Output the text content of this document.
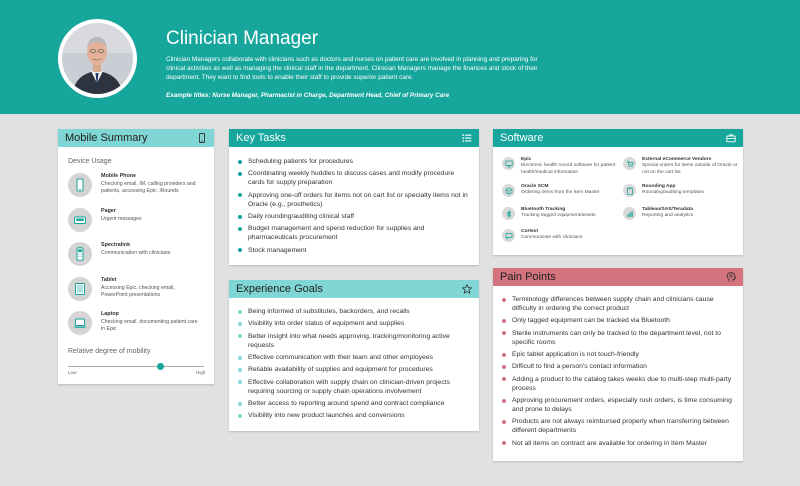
Clinician Manager
Clinician Managers collaborate with clinicians such as doctors and nurses on patient care are involved in planning and preparing for clinical activities as well as managing the clinical staff in the department. Clinician Managers manage the finances and stock of their department. They want to find tools to enable their staff to provide superior patient care.
Example titles: Nurse Manager, Pharmacist in Charge, Department Head, Chief of Primary Care
Mobile Summary
Device Usage
Mobile Phone
Checking email, IM, calling providers and patients, accessing Epic, iRounds
Pager
Urgent messages
Spectralink
Communication with clinicians
Tablet
Accessing Epic, checking email, PowerPoint presentations
Laptop
Checking email, documenting patient care in Epic
Relative degree of mobility
Low	High
Key Tasks
Scheduling patients for procedures
Coordinating weekly huddles to discuss cases and modify procedure cards for supply preparation
Approving one-off orders for items not on cart list or specialty items not in Oracle (e.g., prosthetics)
Daily rounding/auditing clinical staff
Budget management and spend reduction for supplies and pharmaceuticals procurement
Stock management
Experience Goals
Being informed of substitutes, backorders, and recalls
Visibility into order status of equipment and supplies
Better insight into what needs approving, tracking/monitoring active requests
Effective communication with their team and other employees
Reliable availability of supplies and equipment for procedures
Effective collaboration with supply chain on clinician-driven projects requiring sourcing or supply chain operations involvement
Better access to reporting around spend and contract compliance
Visibility into new product launches and conversions
Software
Epic
Electronic health record software for patient health/medical information
Oracle SCM
Ordering items from the Item Master
Bluetooth Tracking
Tracking tagged equipment/assets
Cortext
Communicate with clinicians
External eCommerce Vendors
Special orders for items outside of Oracle or not on the cart list
Rounding App
Rounding/auditing templates
Tableau/SAS/Teradata
Reporting and analytics
Pain Points
Terminology differences between supply chain and clinicians cause difficulty in ordering the correct product
Only tagged equipment can be tracked via Bluetooth
Sterile instruments can only be tracked to the department level, not to specific rooms
Epic tablet application is not touch-friendly
Difficult to find a person's contact information
Adding a product to the catalog takes weeks due to multi-step multi-party process
Approving procurement orders, especially rush orders, is time consuming and prone to delays
Products are not always reimbursed properly when transferring between different departments
Not all items on contract are available for ordering in Item Master
